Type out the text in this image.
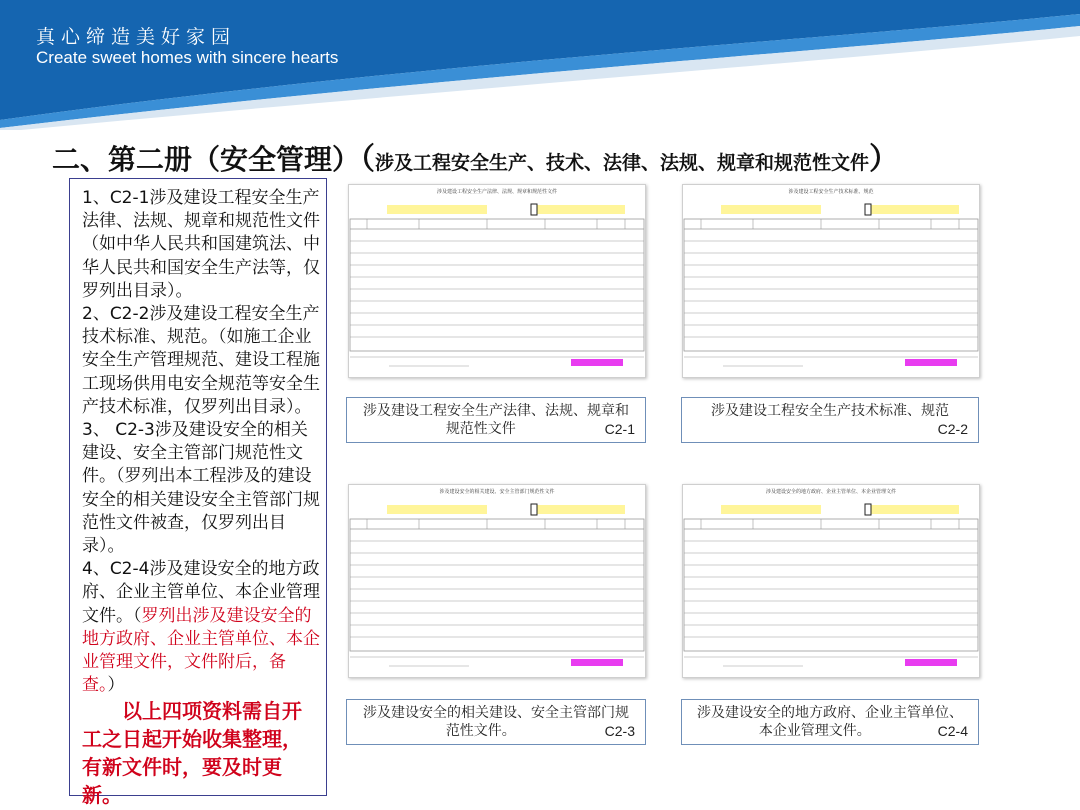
真心缔造美好家园
Create sweet homes with sincere hearts
二、第二册（安全管理）（涉及工程安全生产、技术、法律、法规、规章和规范性文件）

1、C2-1涉及建设工程安全生产法律、法规、规章和规范性文件（如中华人民共和国建筑法、中华人民共和国安全生产法等，仅罗列出目录）。

2、C2-2涉及建设工程安全生产技术标准、规范。（如施工企业安全生产管理规范、建设工程施工现场供用电安全规范等安全生产技术标准，仅罗列出目录）。

3、 C2-3涉及建设安全的相关建设、安全主管部门规范性文件。（罗列出本工程涉及的建设安全的相关建设安全主管部门规范性文件被查，仅罗列出目录）。

4、C2-4涉及建设安全的地方政府、企业主管单位、本企业管理文件。（罗列出涉及建设安全的地方政府、企业主管单位、本企业管理文件，文件附后，备查。）

以上四项资料需自开工之日起开始收集整理，有新文件时，要及时更新。

涉及建设工程安全生产法律、法规、规章和规范性文件	涉及建设工程安全生产技术标准、规范
涉及建设安全的相关建设、安全主管部门规范性文件	涉及建设安全的地方政府、企业主管单位、本企业管理文件
涉及建设工程安全生产法律、法规、规章和规范性文件	C2-1
涉及建设工程安全生产技术标准、规范

C2-2
涉及建设安全的相关建设、安全主管部门规范性文件。	C2-3
涉及建设安全的地方政府、企业主管单位、本企业管理文件。	C2-4
